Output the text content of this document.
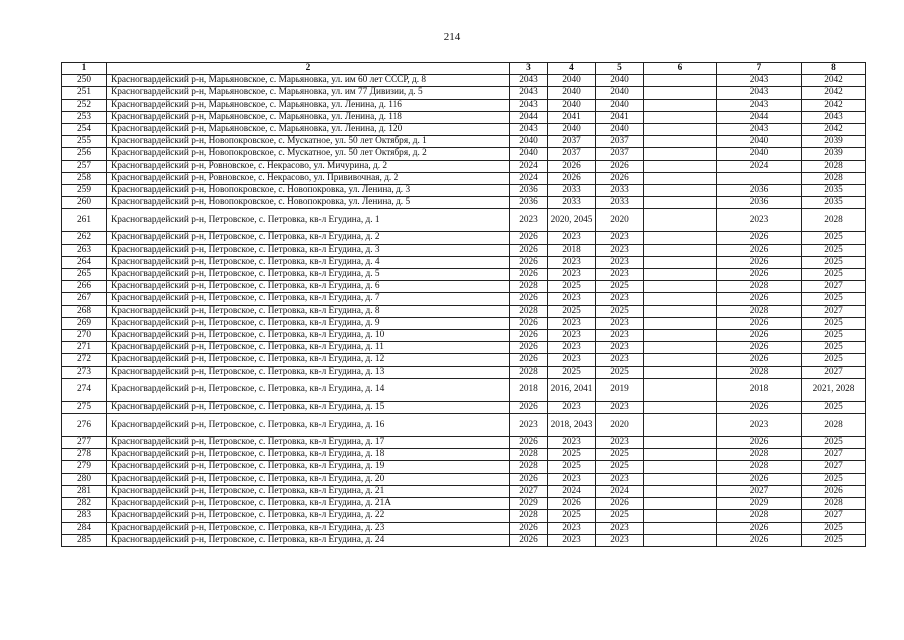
214
1	2	3	4	5	6	7	8
250	Красногвардейский р-н, Марьяновское, с. Марьяновка, ул. им 60 лет СССР, д. 8	2043	2040	2040		2043	2042
251	Красногвардейский р-н, Марьяновское, с. Марьяновка, ул. им 77 Дивизии, д. 5	2043	2040	2040		2043	2042
252	Красногвардейский р-н, Марьяновское, с. Марьяновка, ул. Ленина, д. 116	2043	2040	2040		2043	2042
253	Красногвардейский р-н, Марьяновское, с. Марьяновка, ул. Ленина, д. 118	2044	2041	2041		2044	2043
254	Красногвардейский р-н, Марьяновское, с. Марьяновка, ул. Ленина, д. 120	2043	2040	2040		2043	2042
255	Красногвардейский р-н, Новопокровское, с. Мускатное, ул. 50 лет Октября, д. 1	2040	2037	2037		2040	2039
256	Красногвардейский р-н, Новопокровское, с. Мускатное, ул. 50 лет Октября, д. 2	2040	2037	2037		2040	2039
257	Красногвардейский р-н, Ровновское, с. Некрасово, ул. Мичурина, д. 2	2024	2026	2026		2024	2028
258	Красногвардейский р-н, Ровновское, с. Некрасово, ул. Прививочная, д. 2	2024	2026	2026			2028
259	Красногвардейский р-н, Новопокровское, с. Новопокровка, ул. Ленина, д. 3	2036	2033	2033		2036	2035
260	Красногвардейский р-н, Новопокровское, с. Новопокровка, ул. Ленина, д. 5	2036	2033	2033		2036	2035
261	Красногвардейский р-н, Петровское, с. Петровка, кв-л Егудина, д. 1	2023	2020, 2045	2020		2023	2028
262	Красногвардейский р-н, Петровское, с. Петровка, кв-л Егудина, д. 2	2026	2023	2023		2026	2025
263	Красногвардейский р-н, Петровское, с. Петровка, кв-л Егудина, д. 3	2026	2018	2023		2026	2025
264	Красногвардейский р-н, Петровское, с. Петровка, кв-л Егудина, д. 4	2026	2023	2023		2026	2025
265	Красногвардейский р-н, Петровское, с. Петровка, кв-л Егудина, д. 5	2026	2023	2023		2026	2025
266	Красногвардейский р-н, Петровское, с. Петровка, кв-л Егудина, д. 6	2028	2025	2025		2028	2027
267	Красногвардейский р-н, Петровское, с. Петровка, кв-л Егудина, д. 7	2026	2023	2023		2026	2025
268	Красногвардейский р-н, Петровское, с. Петровка, кв-л Егудина, д. 8	2028	2025	2025		2028	2027
269	Красногвардейский р-н, Петровское, с. Петровка, кв-л Егудина, д. 9	2026	2023	2023		2026	2025
270	Красногвардейский р-н, Петровское, с. Петровка, кв-л Егудина, д. 10	2026	2023	2023		2026	2025
271	Красногвардейский р-н, Петровское, с. Петровка, кв-л Егудина, д. 11	2026	2023	2023		2026	2025
272	Красногвардейский р-н, Петровское, с. Петровка, кв-л Егудина, д. 12	2026	2023	2023		2026	2025
273	Красногвардейский р-н, Петровское, с. Петровка, кв-л Егудина, д. 13	2028	2025	2025		2028	2027
274	Красногвардейский р-н, Петровское, с. Петровка, кв-л Егудина, д. 14	2018	2016, 2041	2019		2018	2021, 2028
275	Красногвардейский р-н, Петровское, с. Петровка, кв-л Егудина, д. 15	2026	2023	2023		2026	2025
276	Красногвардейский р-н, Петровское, с. Петровка, кв-л Егудина, д. 16	2023	2018, 2043	2020		2023	2028
277	Красногвардейский р-н, Петровское, с. Петровка, кв-л Егудина, д. 17	2026	2023	2023		2026	2025
278	Красногвардейский р-н, Петровское, с. Петровка, кв-л Егудина, д. 18	2028	2025	2025		2028	2027
279	Красногвардейский р-н, Петровское, с. Петровка, кв-л Егудина, д. 19	2028	2025	2025		2028	2027
280	Красногвардейский р-н, Петровское, с. Петровка, кв-л Егудина, д. 20	2026	2023	2023		2026	2025
281	Красногвардейский р-н, Петровское, с. Петровка, кв-л Егудина, д. 21	2027	2024	2024		2027	2026
282	Красногвардейский р-н, Петровское, с. Петровка, кв-л Егудина, д. 21А	2029	2026	2026		2029	2028
283	Красногвардейский р-н, Петровское, с. Петровка, кв-л Егудина, д. 22	2028	2025	2025		2028	2027
284	Красногвардейский р-н, Петровское, с. Петровка, кв-л Егудина, д. 23	2026	2023	2023		2026	2025
285	Красногвардейский р-н, Петровское, с. Петровка, кв-л Егудина, д. 24	2026	2023	2023		2026	2025
